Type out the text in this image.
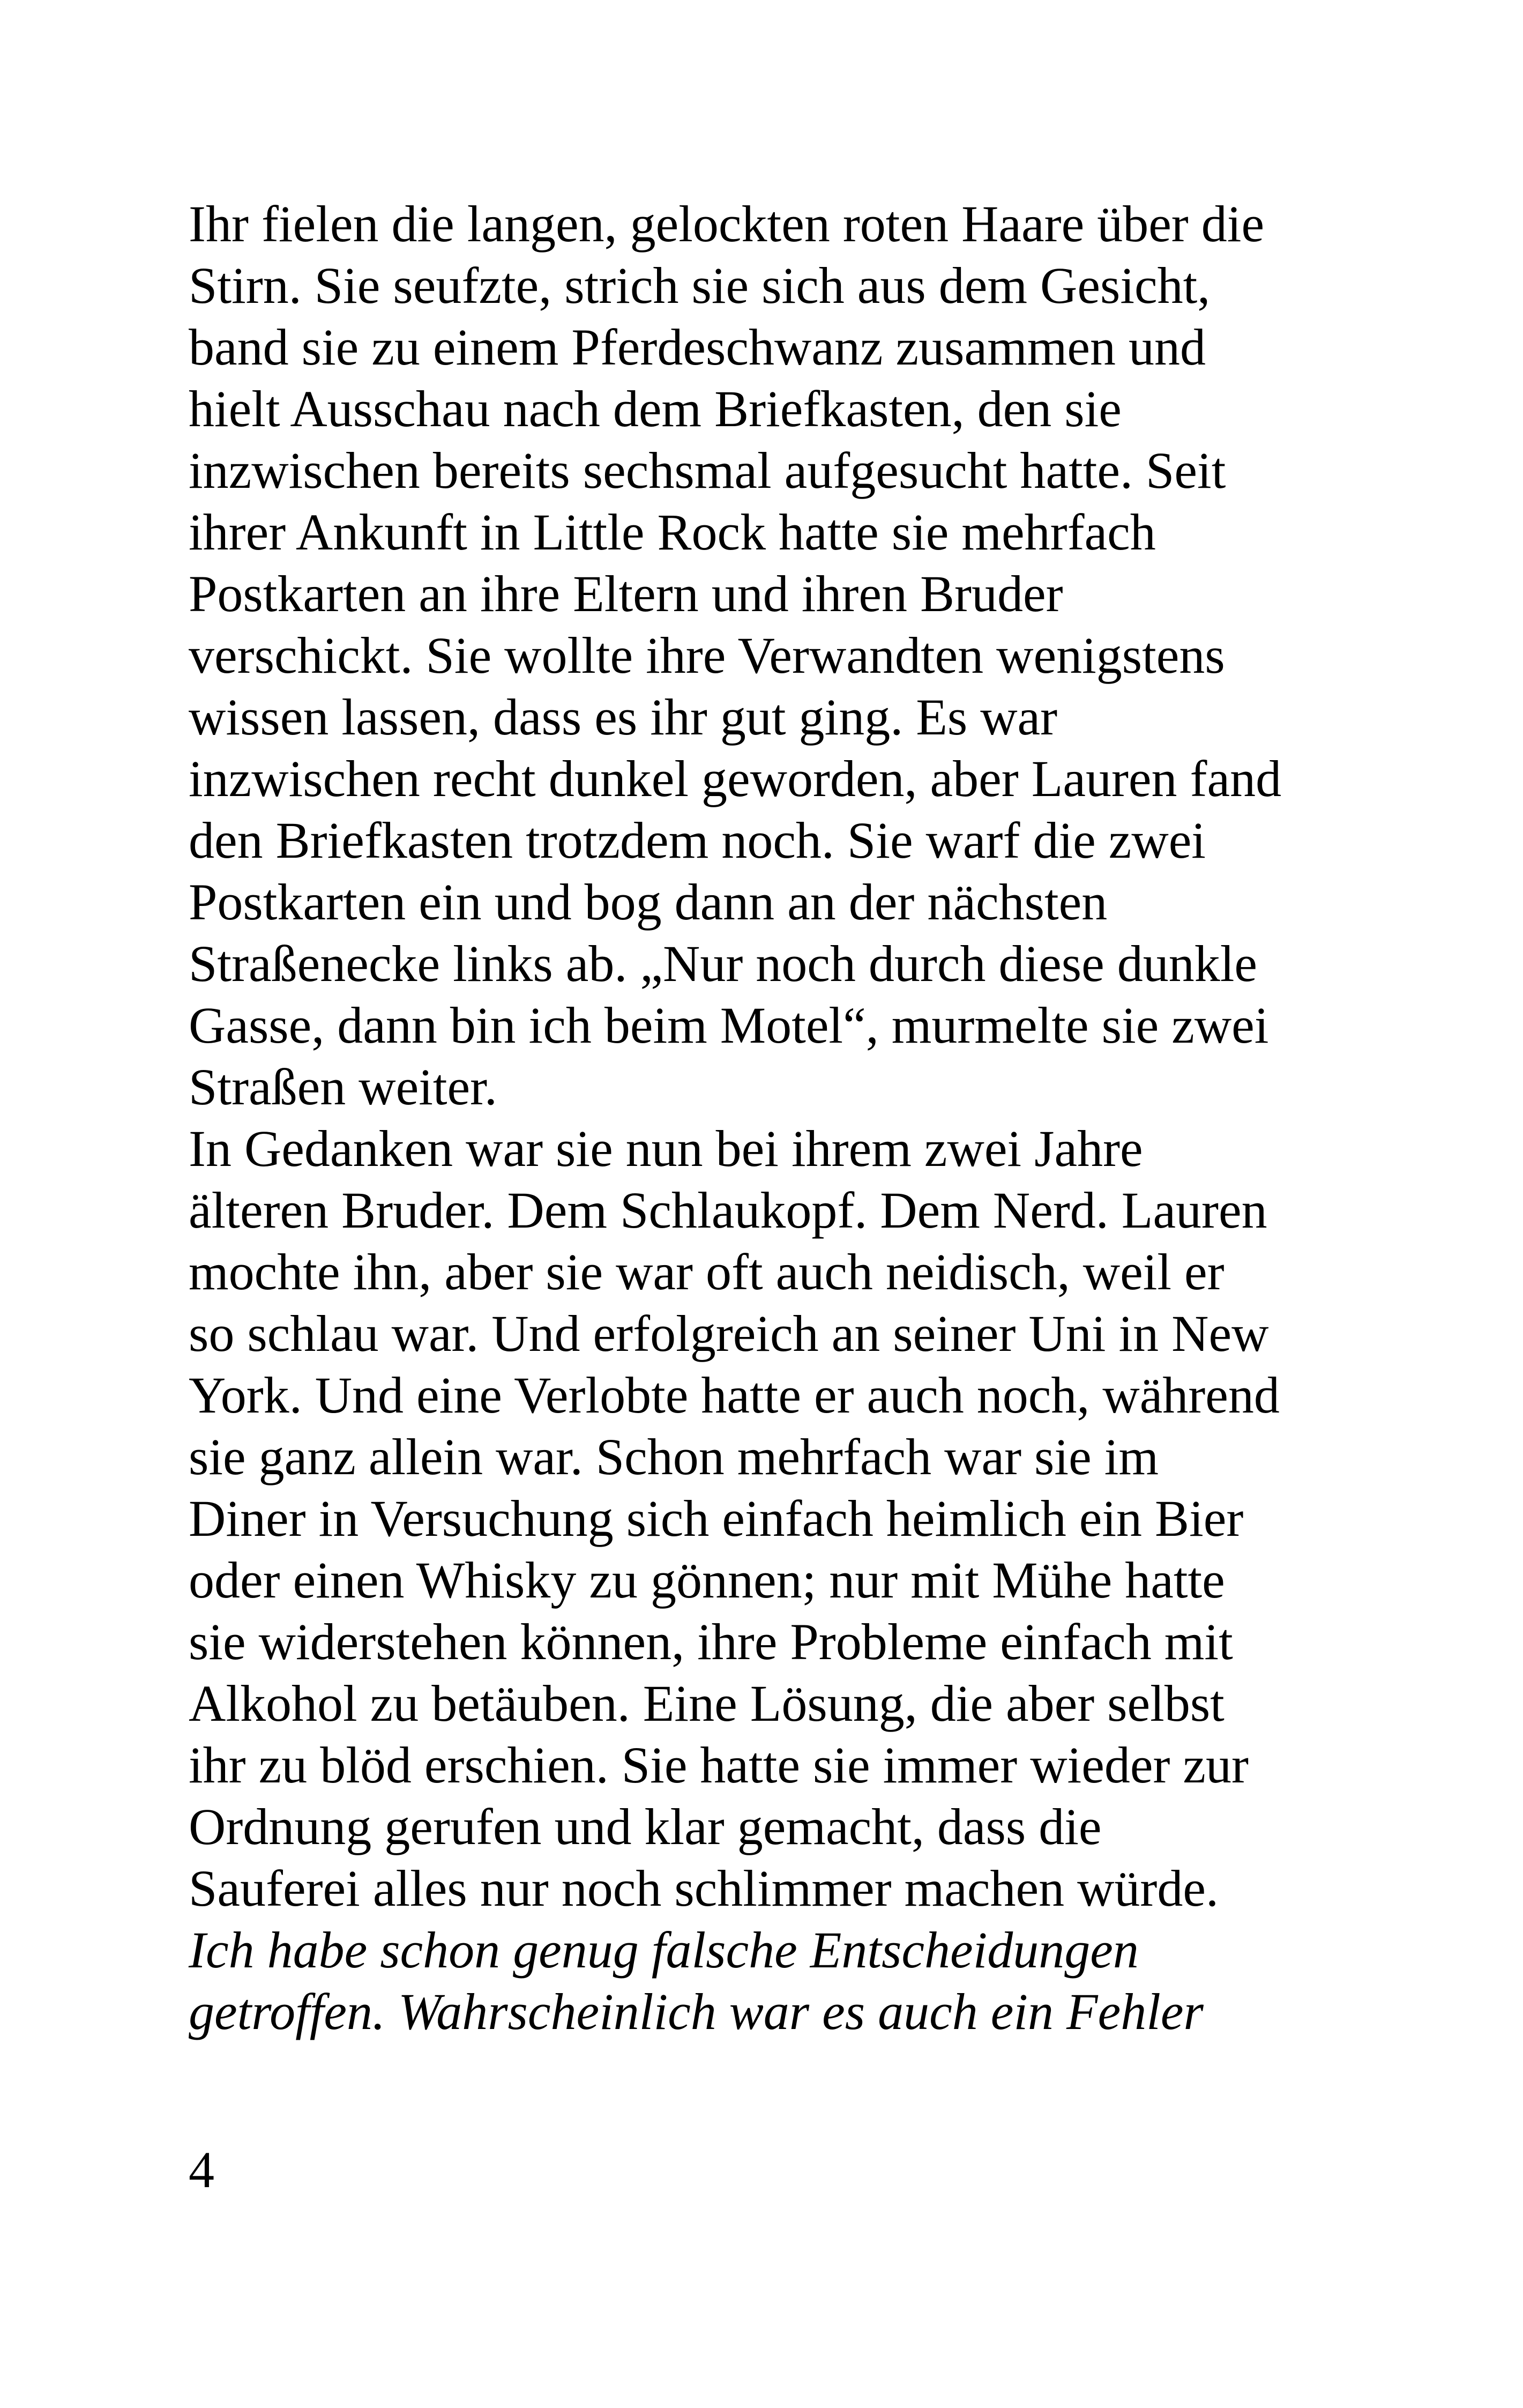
Ihr fielen die langen, gelockten roten Haare über die
Stirn. Sie seufzte, strich sie sich aus dem Gesicht,
band sie zu einem Pferdeschwanz zusammen und
hielt Ausschau nach dem Briefkasten, den sie
inzwischen bereits sechsmal aufgesucht hatte. Seit
ihrer Ankunft in Little Rock hatte sie mehrfach
Postkarten an ihre Eltern und ihren Bruder
verschickt. Sie wollte ihre Verwandten wenigstens
wissen lassen, dass es ihr gut ging. Es war
inzwischen recht dunkel geworden, aber Lauren fand
den Briefkasten trotzdem noch. Sie warf die zwei
Postkarten ein und bog dann an der nächsten
Straßenecke links ab. „Nur noch durch diese dunkle
Gasse, dann bin ich beim Motel“, murmelte sie zwei
Straßen weiter.
In Gedanken war sie nun bei ihrem zwei Jahre
älteren Bruder. Dem Schlaukopf. Dem Nerd. Lauren
mochte ihn, aber sie war oft auch neidisch, weil er
so schlau war. Und erfolgreich an seiner Uni in New
York. Und eine Verlobte hatte er auch noch, während
sie ganz allein war. Schon mehrfach war sie im
Diner in Versuchung sich einfach heimlich ein Bier
oder einen Whisky zu gönnen; nur mit Mühe hatte
sie widerstehen können, ihre Probleme einfach mit
Alkohol zu betäuben. Eine Lösung, die aber selbst
ihr zu blöd erschien. Sie hatte sie immer wieder zur
Ordnung gerufen und klar gemacht, dass die
Sauferei alles nur noch schlimmer machen würde.
Ich habe schon genug falsche Entscheidungen
getroffen. Wahrscheinlich war es auch ein Fehler
4
